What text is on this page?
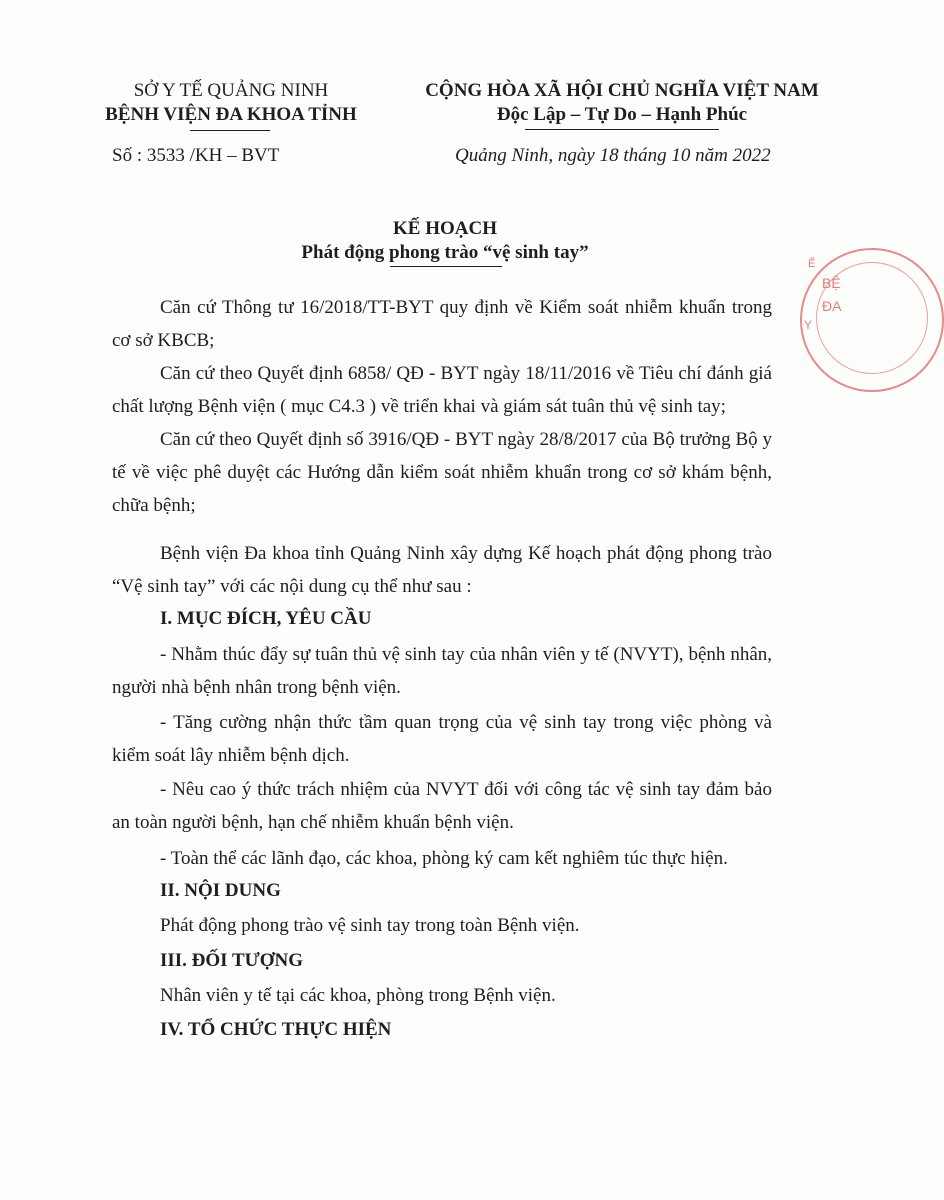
SỞ Y TẾ QUẢNG NINH
BỆNH VIỆN ĐA KHOA TỈNH
Số : 3533 /KH – BVT
CỘNG HÒA XÃ HỘI CHỦ NGHĨA VIỆT NAM
Độc Lập – Tự Do – Hạnh Phúc
Quảng Ninh, ngày 18 tháng 10 năm 2022
KẾ HOẠCH
Phát động phong trào “vệ sinh tay”
Căn cứ Thông tư 16/2018/TT-BYT quy định về Kiểm soát nhiễm khuẩn trong cơ sở KBCB;
Căn cứ theo Quyết định 6858/ QĐ - BYT ngày 18/11/2016 về Tiêu chí đánh giá chất lượng Bệnh viện ( mục C4.3 ) về triển khai và giám sát tuân thủ vệ sinh tay;
Căn cứ theo Quyết định số 3916/QĐ - BYT ngày 28/8/2017 của Bộ trưởng Bộ y tế về việc phê duyệt các Hướng dẫn kiểm soát nhiễm khuẩn trong cơ sở khám bệnh, chữa bệnh;
Bệnh viện Đa khoa tỉnh Quảng Ninh xây dựng Kế hoạch phát động phong trào “Vệ sinh tay” với các nội dung cụ thể như sau :
I. MỤC ĐÍCH, YÊU CẦU
- Nhằm thúc đẩy sự tuân thủ vệ sinh tay của nhân viên y tế (NVYT), bệnh nhân, người nhà bệnh nhân trong bệnh viện.
- Tăng cường nhận thức tầm quan trọng của vệ sinh tay trong việc phòng và kiểm soát lây nhiễm bệnh dịch.
- Nêu cao ý thức trách nhiệm của NVYT đối với công tác vệ sinh tay đảm bảo an toàn người bệnh, hạn chế nhiễm khuẩn bệnh viện.
- Toàn thể các lãnh đạo, các khoa, phòng ký cam kết nghiêm túc thực hiện.
II. NỘI DUNG
Phát động phong trào vệ sinh tay trong toàn Bệnh viện.
III. ĐỐI TƯỢNG
Nhân viên y tế tại các khoa, phòng trong Bệnh viện.
IV. TỔ CHỨC THỰC HIỆN
BỆ
ĐA
Y
Ế
